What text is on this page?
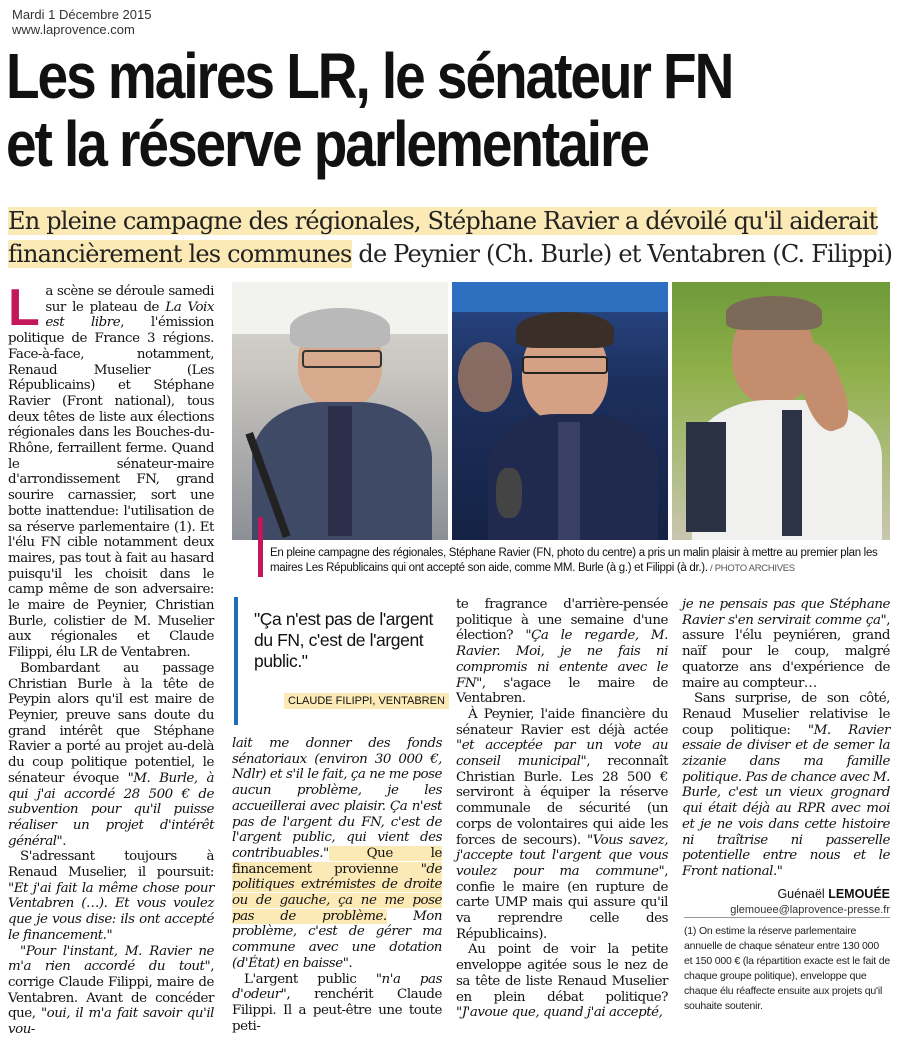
Mardi 1 Décembre 2015
www.laprovence.com
Les maires LR, le sénateur FN
et la réserve parlementaire
En pleine campagne des régionales, Stéphane Ravier a dévoilé qu'il aiderait
financièrement les communes de Peynier (Ch. Burle) et Ventabren (C. Filippi)

La scène se déroule samedi sur le plateau de La Voix est libre, l'émission politique de France 3 régions. Face-à-face, notamment, Renaud Muselier (Les Républicains) et Stéphane Ravier (Front national), tous deux têtes de liste aux élections régionales dans les Bouches-du-Rhône, ferraillent ferme. Quand le sénateur-maire d'arrondissement FN, grand sourire carnassier, sort une botte inattendue: l'utilisation de sa réserve parlementaire (1). Et l'élu FN cible notamment deux maires, pas tout à fait au hasard puisqu'il les choisit dans le camp même de son adversaire: le maire de Peynier, Christian Burle, colistier de M. Muselier aux régionales et Claude Filippi, élu LR de Ventabren.

Bombardant au passage Christian Burle à la tête de Peypin alors qu'il est maire de Peynier, preuve sans doute du grand intérêt que Stéphane Ravier a porté au projet au-delà du coup politique potentiel, le sénateur évoque "M. Burle, à qui j'ai accordé 28 500 € de subvention pour qu'il puisse réaliser un projet d'intérêt général".

S'adressant toujours à Renaud Muselier, il poursuit: "Et j'ai fait la même chose pour Ventabren (…). Et vous voulez que je vous dise: ils ont accepté le financement."

"Pour l'instant, M. Ravier ne m'a rien accordé du tout", corrige Claude Filippi, maire de Ventabren. Avant de concéder que, "oui, il m'a fait savoir qu'il vou-

En pleine campagne des régionales, Stéphane Ravier (FN, photo du centre) a pris un malin plaisir à mettre au premier plan les maires Les Républicains qui ont accepté son aide, comme MM. Burle (à g.) et Filippi (à dr.). / PHOTO ARCHIVES
"Ça n'est pas de l'argent du FN, c'est de l'argent public."
CLAUDE FILIPPI, VENTABREN

lait me donner des fonds sénatoriaux (environ 30 000 €, Ndlr) et s'il le fait, ça ne me pose aucun problème, je les accueillerai avec plaisir. Ça n'est pas de l'argent du FN, c'est de l'argent public, qui vient des contribuables." Que le financement provienne "de politiques extrémistes de droite ou de gauche, ça ne me pose pas de problème. Mon problème, c'est de gérer ma commune avec une dotation (d'État) en baisse".

L'argent public "n'a pas d'odeur", renchérit Claude Filippi. Il a peut-être une toute peti-

te fragrance d'arrière-pensée politique à une semaine d'une élection? "Ça le regarde, M. Ravier. Moi, je ne fais ni compromis ni entente avec le FN", s'agace le maire de Ventabren.

À Peynier, l'aide financière du sénateur Ravier est déjà actée "et acceptée par un vote au conseil municipal", reconnaît Christian Burle. Les 28 500 € serviront à équiper la réserve communale de sécurité (un corps de volontaires qui aide les forces de secours). "Vous savez, j'accepte tout l'argent que vous voulez pour ma commune", confie le maire (en rupture de carte UMP mais qui assure qu'il va reprendre celle des Républicains).

Au point de voir la petite enveloppe agitée sous le nez de sa tête de liste Renaud Muselier en plein débat politique? "J'avoue que, quand j'ai accepté,

je ne pensais pas que Stéphane Ravier s'en servirait comme ça", assure l'élu peyniéren, grand naïf pour le coup, malgré quatorze ans d'expérience de maire au compteur…

Sans surprise, de son côté, Renaud Muselier relativise le coup politique: "M. Ravier essaie de diviser et de semer la zizanie dans ma famille politique. Pas de chance avec M. Burle, c'est un vieux grognard qui était déjà au RPR avec moi et je ne vois dans cette histoire ni traîtrise ni passerelle potentielle entre nous et le Front national."

Guénaël LEMOUÉE
glemouee@laprovence-presse.fr
(1) On estime la réserve parlementaire annuelle de chaque sénateur entre 130 000 et 150 000 € (la répartition exacte est le fait de chaque groupe politique), enveloppe que chaque élu réaffecte ensuite aux projets qu'il souhaite soutenir.
